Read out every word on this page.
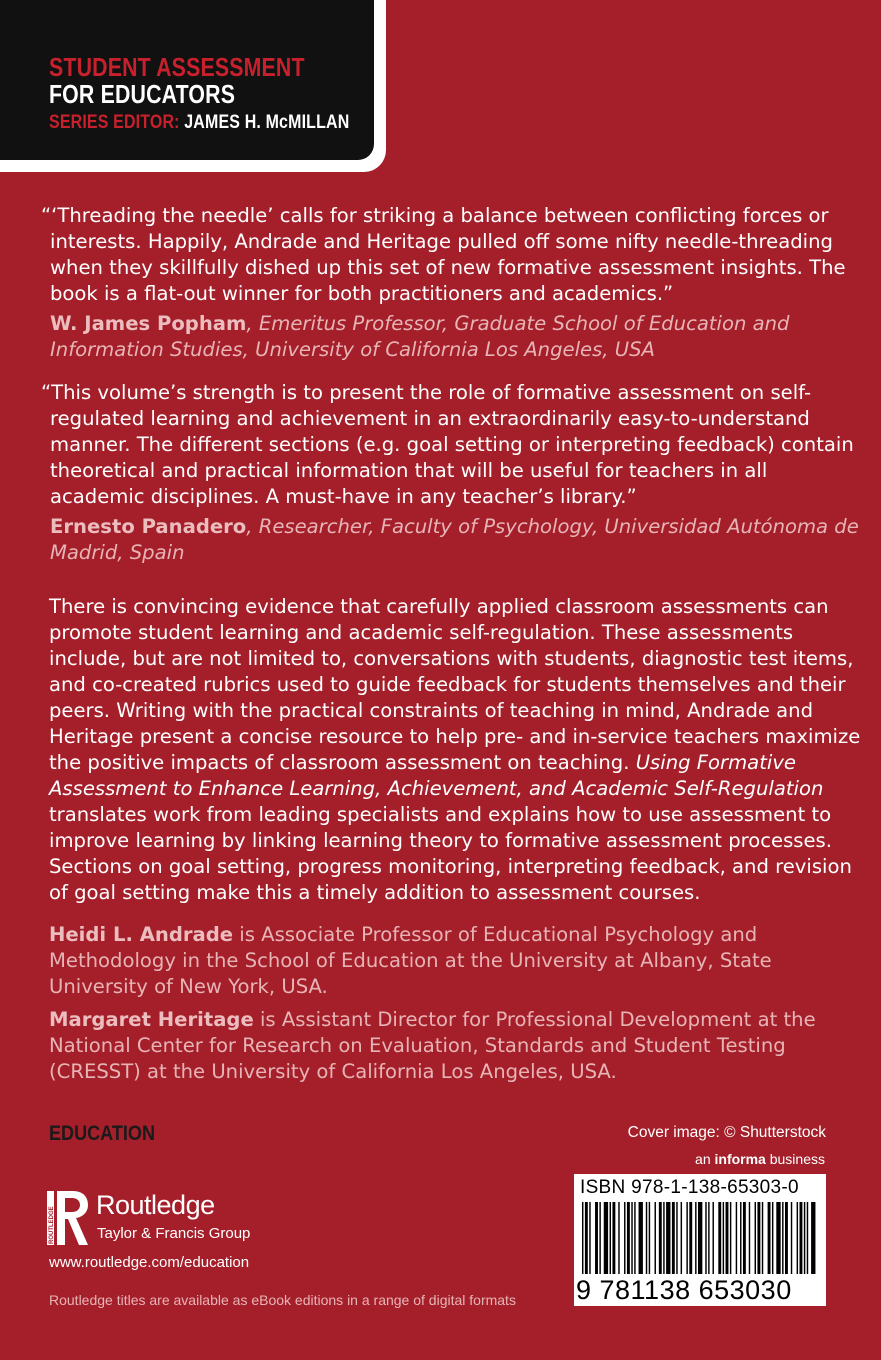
STUDENT ASSESSMENT
FOR EDUCATORS
SERIES EDITOR: JAMES H. McMILLAN
“‘Threading the needle’ calls for striking a balance between conflicting forces or interests. Happily, Andrade and Heritage pulled off some nifty needle-threading when they skillfully dished up this set of new formative assessment insights. The book is a flat-out winner for both practitioners and academics.”
W. James Popham, Emeritus Professor, Graduate School of Education and Information Studies, University of California Los Angeles, USA
“This volume’s strength is to present the role of formative assessment on self-regulated learning and achievement in an extraordinarily easy-to-understand manner. The different sections (e.g. goal setting or interpreting feedback) contain theoretical and practical information that will be useful for teachers in all academic disciplines. A must-have in any teacher’s library.”
Ernesto Panadero, Researcher, Faculty of Psychology, Universidad Autónoma de Madrid, Spain
There is convincing evidence that carefully applied classroom assessments can promote student learning and academic self-regulation. These assessments include, but are not limited to, conversations with students, diagnostic test items, and co-created rubrics used to guide feedback for students themselves and their peers. Writing with the practical constraints of teaching in mind, Andrade and Heritage present a concise resource to help pre- and in-service teachers maximize the positive impacts of classroom assessment on teaching. Using Formative Assessment to Enhance Learning, Achievement, and Academic Self-Regulation translates work from leading specialists and explains how to use assessment to improve learning by linking learning theory to formative assessment processes. Sections on goal setting, progress monitoring, interpreting feedback, and revision of goal setting make this a timely addition to assessment courses.
Heidi L. Andrade is Associate Professor of Educational Psychology and Methodology in the School of Education at the University at Albany, State University of New York, USA.
Margaret Heritage is Assistant Director for Professional Development at the National Center for Research on Evaluation, Standards and Student Testing (CRESST) at the University of California Los Angeles, USA.
EDUCATION
ROUTLEDGE
Routledge
Taylor & Francis Group
www.routledge.com/education
Routledge titles are available as eBook editions in a range of digital formats
Cover image: © Shutterstock
an informa business
ISBN 978-1-138-65303-0
9 781138 653030
